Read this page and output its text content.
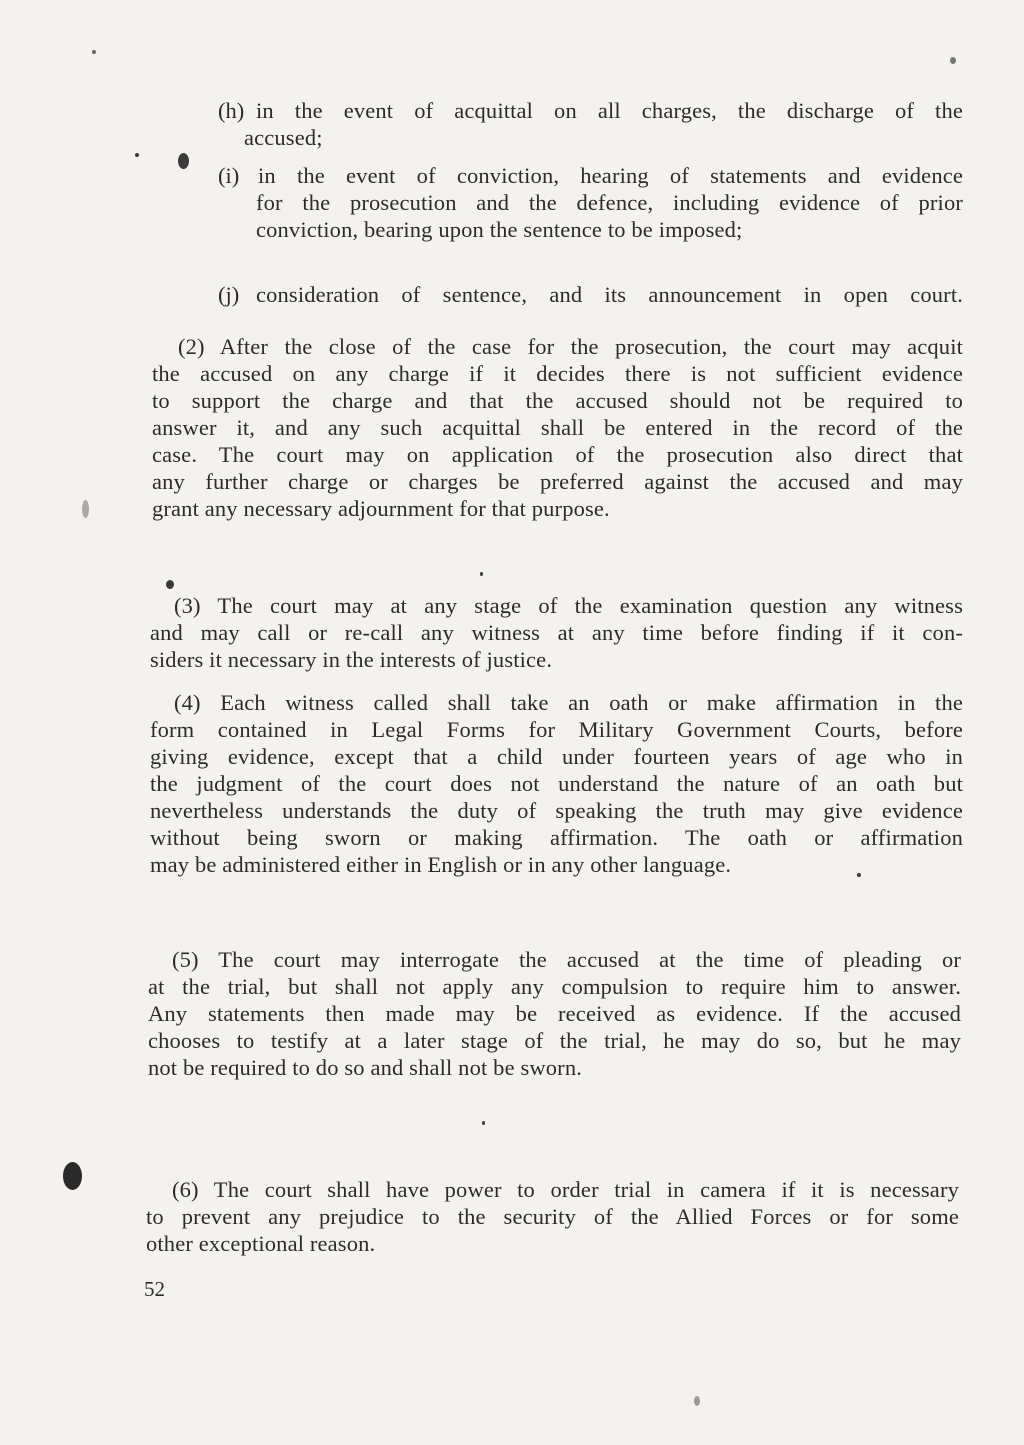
(h) in the event of acquittal on all charges, the discharge of the
accused;
(i) in the event of conviction, hearing of statements and evidence
for the prosecution and the defence, including evidence of prior
conviction, bearing upon the sentence to be imposed;
(j) consideration of sentence, and its announcement in open court.
(2) After the close of the case for the prosecution, the court may acquit
the accused on any charge if it decides there is not sufficient evidence
to support the charge and that the accused should not be required to
answer it, and any such acquittal shall be entered in the record of the
case. The court may on application of the prosecution also direct that
any further charge or charges be preferred against the accused and may
grant any necessary adjournment for that purpose.
(3) The court may at any stage of the examination question any witness
and may call or re-call any witness at any time before finding if it con-
siders it necessary in the interests of justice.
(4) Each witness called shall take an oath or make affirmation in the
form contained in Legal Forms for Military Government Courts, before
giving evidence, except that a child under fourteen years of age who in
the judgment of the court does not understand the nature of an oath but
nevertheless understands the duty of speaking the truth may give evidence
without being sworn or making affirmation. The oath or affirmation
may be administered either in English or in any other language.
(5) The court may interrogate the accused at the time of pleading or
at the trial, but shall not apply any compulsion to require him to answer.
Any statements then made may be received as evidence. If the accused
chooses to testify at a later stage of the trial, he may do so, but he may
not be required to do so and shall not be sworn.
(6) The court shall have power to order trial in camera if it is necessary
to prevent any prejudice to the security of the Allied Forces or for some
other exceptional reason.
52
